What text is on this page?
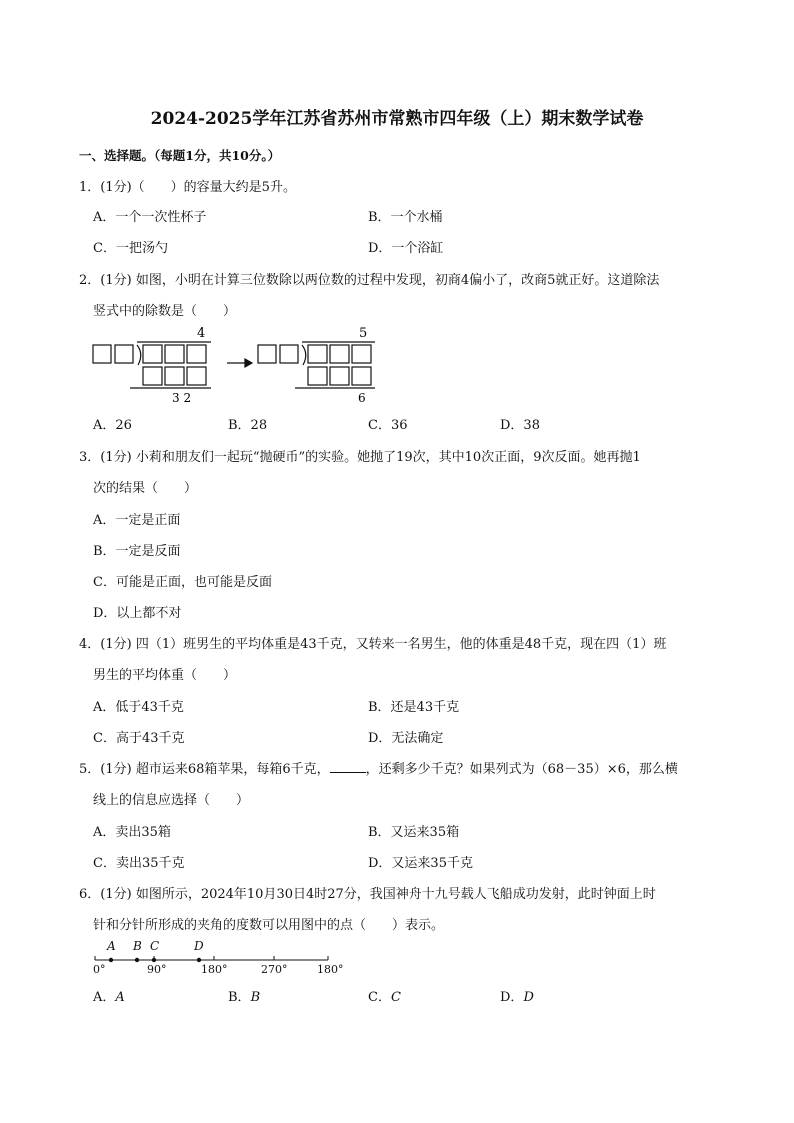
2024-2025学年江苏省苏州市常熟市四年级（上）期末数学试卷
一、选择题。（每题1分，共10分。）
1．(1分)（　　）的容量大约是5升。
A．一个一次性杯子	B．一个水桶
C．一把汤勺	D．一个浴缸
2．(1分) 如图，小明在计算三位数除以两位数的过程中发现，初商4偏小了，改商5就正好。这道除法
竖式中的除数是（　　）
4
3 2
5
6
A．26	B．28	C．36	D．38
3．(1分) 小莉和朋友们一起玩“抛硬币”的实验。她抛了19次，其中10次正面，9次反面。她再抛1
次的结果（　　）
A．一定是正面
B．一定是反面
C．可能是正面，也可能是反面
D．以上都不对
4．(1分) 四（1）班男生的平均体重是43千克，又转来一名男生，他的体重是48千克，现在四（1）班
男生的平均体重（　　）
A．低于43千克	B．还是43千克
C．高于43千克	D．无法确定
5．(1分) 超市运来68箱苹果，每箱6千克，	，还剩多少千克？如果列式为（68－35）×6，那么横
线上的信息应选择（　　）
A．卖出35箱	B．又运来35箱
C．卖出35千克	D．又运来35千克
6．(1分) 如图所示，2024年10月30日4时27分，我国神舟十九号载人飞船成功发射，此时钟面上时
针和分针所形成的夹角的度数可以用图中的点（　　）表示。
A B C	D
0°	90°	180°	270°	180°
A．A	B．B	C．C	D．D
